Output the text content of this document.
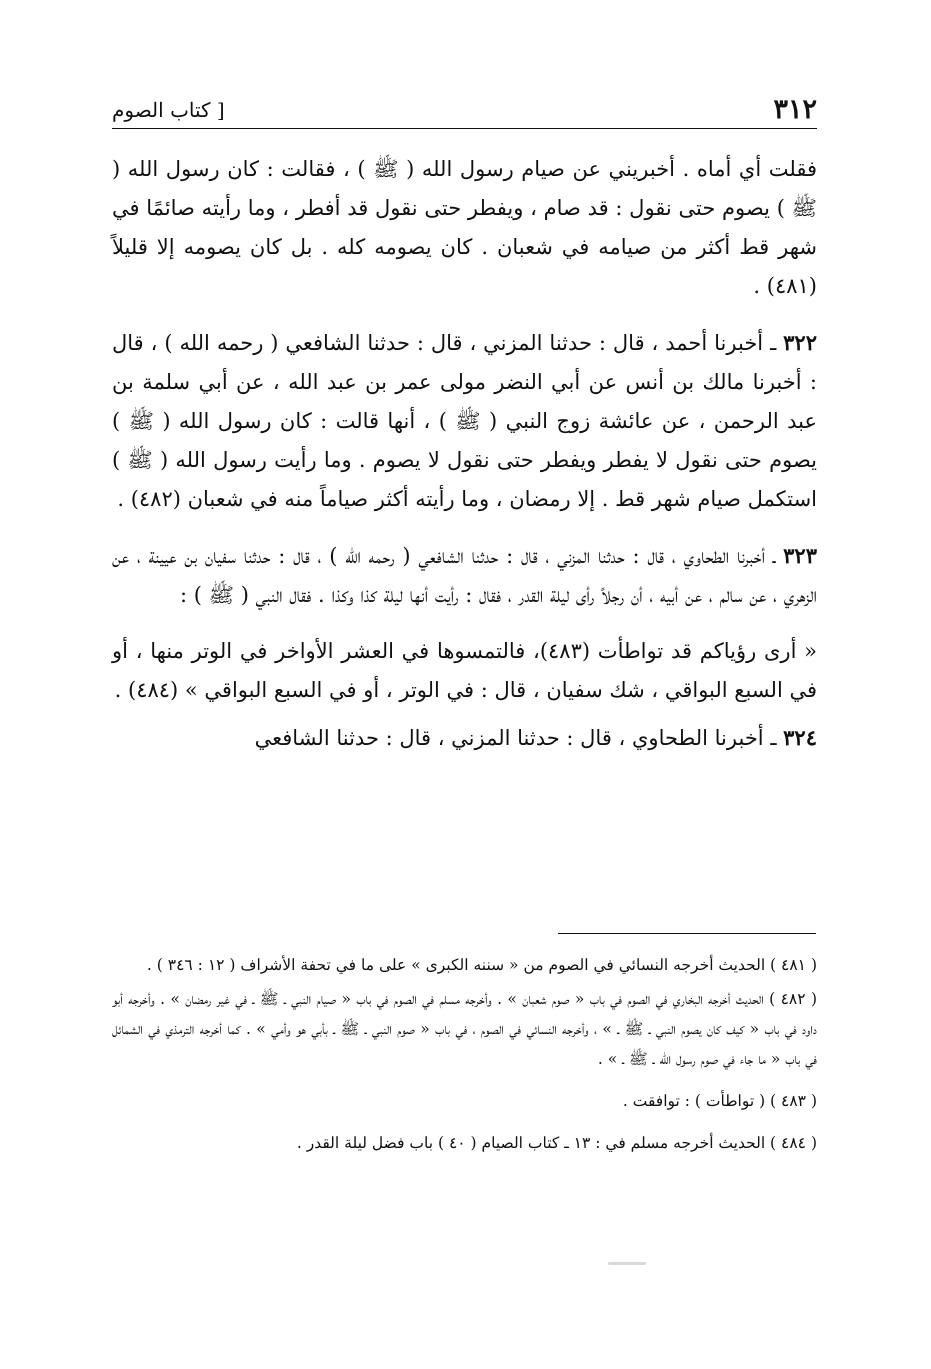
٣١٢
[ كتاب الصوم

فقلت أي أماه . أخبريني عن صيام رسول الله ( ﷺ ) ، فقالت : كان رسول الله ( ﷺ ) يصوم حتى نقول : قد صام ، ويفطر حتى نقول قد أفطر ، وما رأيته صائمًا في شهر قط أكثر من صيامه في شعبان . كان يصومه كله . بل كان يصومه إلا قليلاً (٤٨١) .

٣٢٢ ـ أخبرنا أحمد ، قال : حدثنا المزني ، قال : حدثنا الشافعي ( رحمه الله ) ، قال : أخبرنا مالك بن أنس عن أبي النضر مولى عمر بن عبد الله ، عن أبي سلمة بن عبد الرحمن ، عن عائشة زوج النبي ( ﷺ ) ، أنها قالت : كان رسول الله ( ﷺ ) يصوم حتى نقول لا يفطر ويفطر حتى نقول لا يصوم . وما رأيت رسول الله ( ﷺ ) استكمل صيام شهر قط . إلا رمضان ، وما رأيته أكثر صياماً منه في شعبان (٤٨٢) .

٣٢٣ ـ أخبرنا الطحاوي ، قال : حدثنا المزني ، قال : حدثنا الشافعي ( رحمه الله ) ، قال : حدثنا سفيان بن عيينة ، عن الزهري ، عن سالم ، عن أبيه ، أن رجلاً رأى ليلة القدر ، فقال : رأيت أنها ليلة كذا وكذا . فقال النبي ( ﷺ ) :

« أرى رؤياكم قد تواطأت (٤٨٣)، فالتمسوها في العشر الأواخر في الوتر منها ، أو في السبع البواقي ، شك سفيان ، قال : في الوتر ، أو في السبع البواقي » (٤٨٤) .

٣٢٤ ـ أخبرنا الطحاوي ، قال : حدثنا المزني ، قال : حدثنا الشافعي

( ٤٨١ ) الحديث أخرجه النسائي في الصوم من « سننه الكبرى » على ما في تحفة الأشراف ( ١٢ : ٣٤٦ ) .

( ٤٨٢ ) الحديث أخرجه البخاري في الصوم في باب « صوم شعبان » . وأخرجه مسلم في الصوم في باب « صيام النبي ـ ﷺ ـ في غير رمضان » . وأخرجه أبو داود في باب « كيف كان يصوم النبي ـ ﷺ ـ » ، وأخرجه النسائي في الصوم ، في باب « صوم النبي ـ ﷺ ـ بأبي هو وأمي » . كما أخرجه الترمذي في الشمائل في باب « ما جاء في صوم رسول الله ـ ﷺ ـ » .

( ٤٨٣ ) ( تواطأت ) : توافقت .

( ٤٨٤ ) الحديث أخرجه مسلم في : ١٣ ـ كتاب الصيام ( ٤٠ ) باب فضل ليلة القدر .
